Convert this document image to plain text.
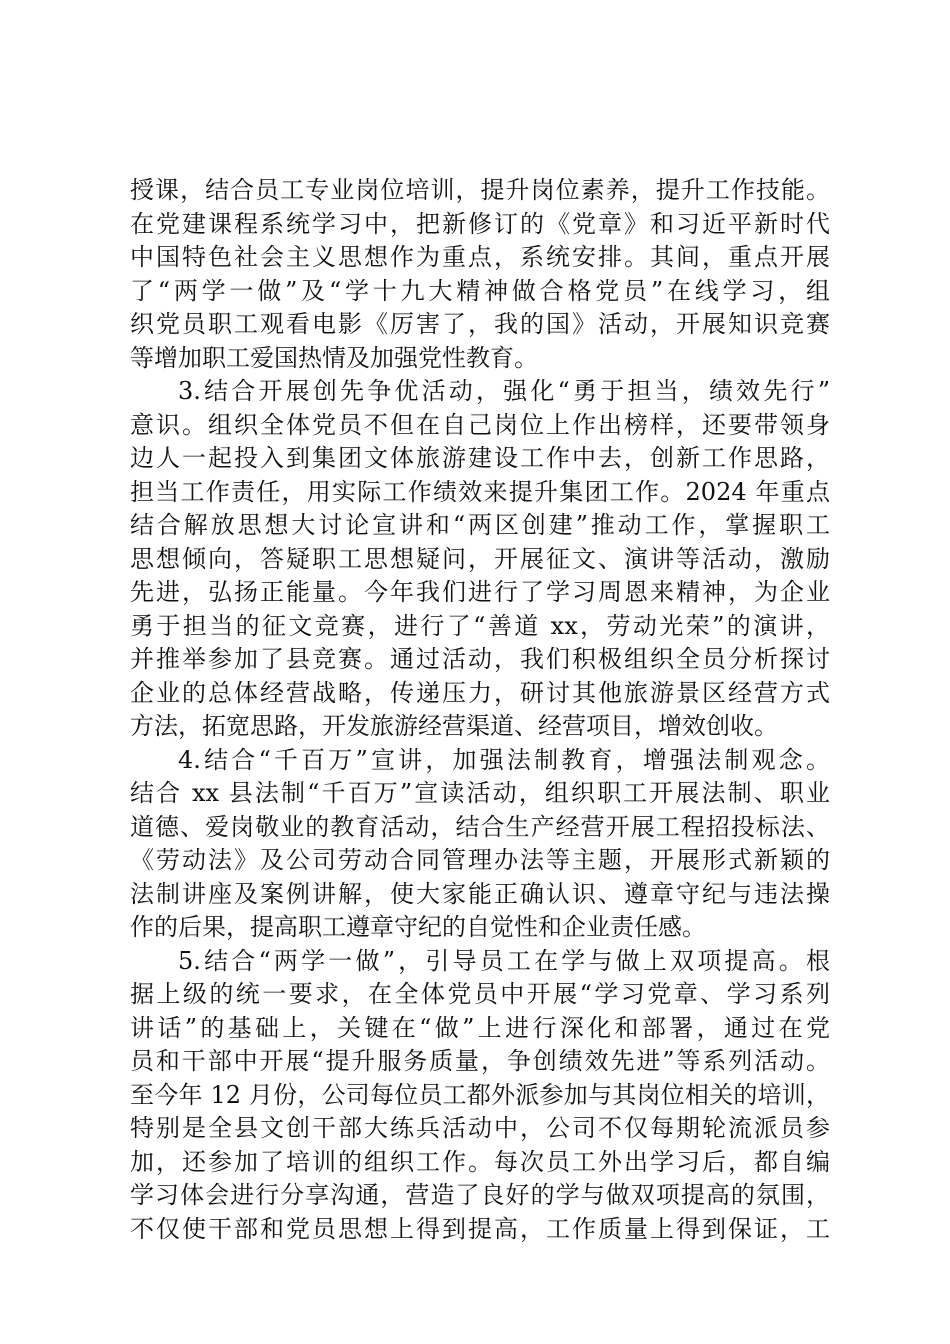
授课，结合员工专业岗位培训，提升岗位素养，提升工作技能。
在党建课程系统学习中，把新修订的《党章》和习近平新时代
中国特色社会主义思想作为重点，系统安排。其间，重点开展
了“两学一做”及“学十九大精神做合格党员”在线学习，组
织党员职工观看电影《厉害了，我的国》活动，开展知识竞赛
等增加职工爱国热情及加强党性教育。
3.结合开展创先争优活动，强化“勇于担当，绩效先行”
意识。组织全体党员不但在自己岗位上作出榜样，还要带领身
边人一起投入到集团文体旅游建设工作中去，创新工作思路，
担当工作责任，用实际工作绩效来提升集团工作。2024 年重点
结合解放思想大讨论宣讲和“两区创建”推动工作，掌握职工
思想倾向，答疑职工思想疑问，开展征文、演讲等活动，激励
先进，弘扬正能量。今年我们进行了学习周恩来精神，为企业
勇于担当的征文竞赛，进行了“善道 xx，劳动光荣”的演讲，
并推举参加了县竞赛。通过活动，我们积极组织全员分析探讨
企业的总体经营战略，传递压力，研讨其他旅游景区经营方式
方法，拓宽思路，开发旅游经营渠道、经营项目，增效创收。
4.结合“千百万”宣讲，加强法制教育，增强法制观念。
结合 xx 县法制“千百万”宣读活动，组织职工开展法制、职业
道德、爱岗敬业的教育活动，结合生产经营开展工程招投标法、
《劳动法》及公司劳动合同管理办法等主题，开展形式新颖的
法制讲座及案例讲解，使大家能正确认识、遵章守纪与违法操
作的后果，提高职工遵章守纪的自觉性和企业责任感。
5.结合“两学一做”，引导员工在学与做上双项提高。根
据上级的统一要求，在全体党员中开展“学习党章、学习系列
讲话”的基础上，关键在“做”上进行深化和部署，通过在党
员和干部中开展“提升服务质量，争创绩效先进”等系列活动。
至今年 12 月份，公司每位员工都外派参加与其岗位相关的培训，
特别是全县文创干部大练兵活动中，公司不仅每期轮流派员参
加，还参加了培训的组织工作。每次员工外出学习后，都自编
学习体会进行分享沟通，营造了良好的学与做双项提高的氛围，
不仅使干部和党员思想上得到提高，工作质量上得到保证，工
